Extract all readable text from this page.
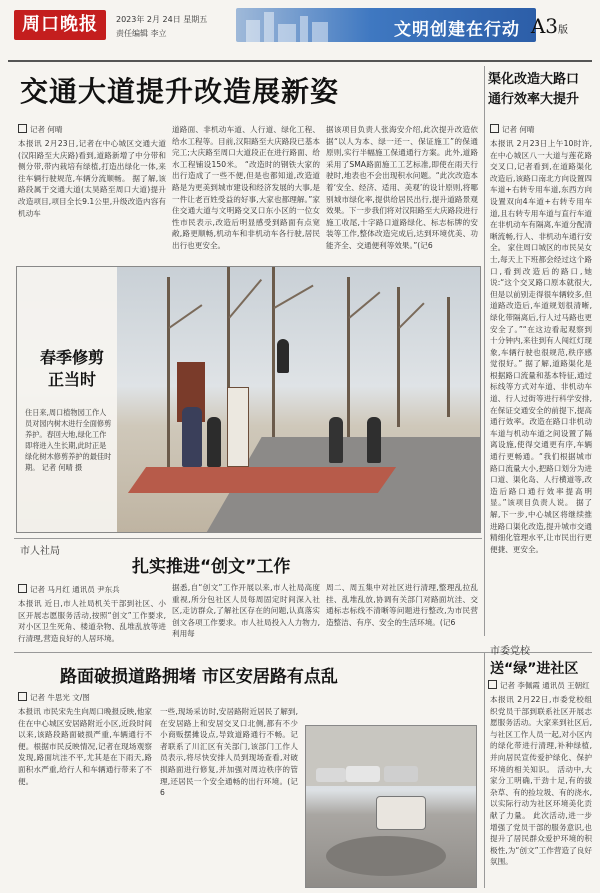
周口晚报	2023年 2月 24日 星期五
责任编辑 李立	文明创建在行动 A3版
交通大道提升改造展新姿
记者 何晴
本报讯 2月23日,记者在中心城区交通大道(汉阳路至大庆路)看到,道路新增了中分带和侧分带,带内栽培有绿植,打造出绿化一体,来往车辆行驶规范,车辆分流顺畅。 据了解,该路段属于交通大道(太昊路至周口大道)提升改造项目,项目全长9.1公里,升级改造内容有机动车
道路面、非机动车道、人行道、绿化工程、给水工程等。目前,汉阳路至大庆路段已基本完工;大庆路至周口大道段正在进行路面、给水工程铺设150米。 “改造时的钢铁大家的出行造成了一些不便,但是也都知道,改造道路是为更美到城市建设和经济发展的大事,是一件让老百姓受益的好事,大家也都理解。”家住交通大道与文明路交叉口东小区的一位女性市民表示,改造后明显感受到路面有点宽敞,路更顺畅,机动车和非机动车各行驶,居民出行也更安全。
据该项目负责人张海安介绍,此次提升改造依据“以人为本、绿一还一、保证施工”的保通原则,实行半幅施工保通通行方案。此外,道路采用了SMA路面施工工艺标准,即使在雨天行驶时,地表也不会出现积水问题。“此次改造本着‘安全、经济、适用、美观’的设计原则,将哪别城市绿化率,提供给居民出行,提升道路景观效果。下一步我们将对汉阳路至大庆路段进行施工收尾,十字路口道路绿化、标志标牌的安装等工作,整体改造完成后,达到环境优美、功能齐全、交通便利等效果。”(记6
渠化改造大路口 通行效率大提升
记者 何晴
本报讯 2月23日上午10时许,在中心城区八一大道与莲花路交叉口,记者看到,在道路渠化改造后,该路口南北方向设置四车道+右转专用车道,东西方向设置双向4车道+右转专用车道,且右转专用车道与直行车道在非机动车有隔离,车道分配清晰流畅,行人、非机动车通行安全。 家住周口城区的市民吴女士,每天上下班都会经过这个路口,看到改造后的路口,她说:“这个交叉路口原本就很大,但是以前别走得很车辆较多,但道路改造后,车道规划很清晰,绿化带隔离后,行人过马路也更安全了。”“在这边看起观察到十分钟内,来往到有人闯红灯现象,车辆行驶也很规范,秩序感觉很好。” 据了解,道路渠化是根据路口流量和基本特征,通过标线等方式对车道、非机动车道、行人过街等进行科学安排,在保证交通安全的前提下,提高通行效率。改造在路口非机动车道与机动车道之间设置了隔离设施,使得交通更有序,车辆通行更畅通。“我们根据城市路口流量大小,把路口划分为进口道、渠化岛、人行横道等,改造后路口通行效率提高明显。”该项目负责人说。 据了解,下一步,中心城区将继续推进路口渠化改造,提升城市交通精细化管理水平,让市民出行更便捷、更安全。
春季修剪 正当时
住日来,周口植物园工作人员对园内树木进行全面修剪养护。春回大地,绿化工作即将进入生长期,此时正是绿化树木修剪养护的最佳时期。 记者 何晴 摄
市人社局
扎实推进“创文”工作
记者 马月红 通讯员 尹东兵
本报讯 近日,市人社局机关干部到社区、小区开展志愿服务活动,按照“创文”工作要求,对小区卫生死角、楼道杂物、乱堆乱放等进行清理,营造良好的人居环境。
据悉,自“创文”工作开展以来,市人社局高度重视,所分包社区人员每周固定时间深入社区,走访群众,了解社区存在的问题,认真落实创文各项工作要求。市人社局投入人力物力,利用每
周二、周五集中对社区进行清理,整理乱拉乱挂、乱堆乱放,协调有关部门对路面坑洼、交通标志标线不清晰等问题进行整改,为市民营造整洁、有序、安全的生活环境。(记6
路面破损道路拥堵 市区安居路有点乱
记者 牛思光 文/图
本报讯 市民宋先生向周口晚报反映,他家住在中心城区安居路附近小区,近段时间以来,该路段路面破损严重,车辆通行不便。根据市民反映情况,记者在现场观察发现,路面坑洼不平,尤其是在下雨天,路面积水严重,给行人和车辆通行带来了不便。
一些,现场采访时,安居路附近居民了解到,在安居路上和安居交叉口北侧,都有不少小商贩摆摊设点,导致道路通行不畅。记者联系了川汇区有关部门,该部门工作人员表示,将尽快安排人员到现场查看,对破损路面进行修复,并加强对周边秩序的管理,还居民一个安全通畅的出行环境。(记6
市委党校
送“绿”进社区
记者 李佩霞 通讯员 王朝红
本报讯 2月22日,市委党校组织党员干部到联系社区开展志愿服务活动。大家来到社区后,与社区工作人员一起,对小区内的绿化带进行清理,补种绿植,并向居民宣传爱护绿化、保护环境的相关知识。 活动中,大家分工明确,干劲十足,有的拔杂草、有的捡垃圾、有的浇水,以实际行动为社区环境美化贡献了力量。 此次活动,进一步增强了党员干部的服务意识,也提升了居民群众爱护环境的积极性,为“创文”工作营造了良好氛围。
